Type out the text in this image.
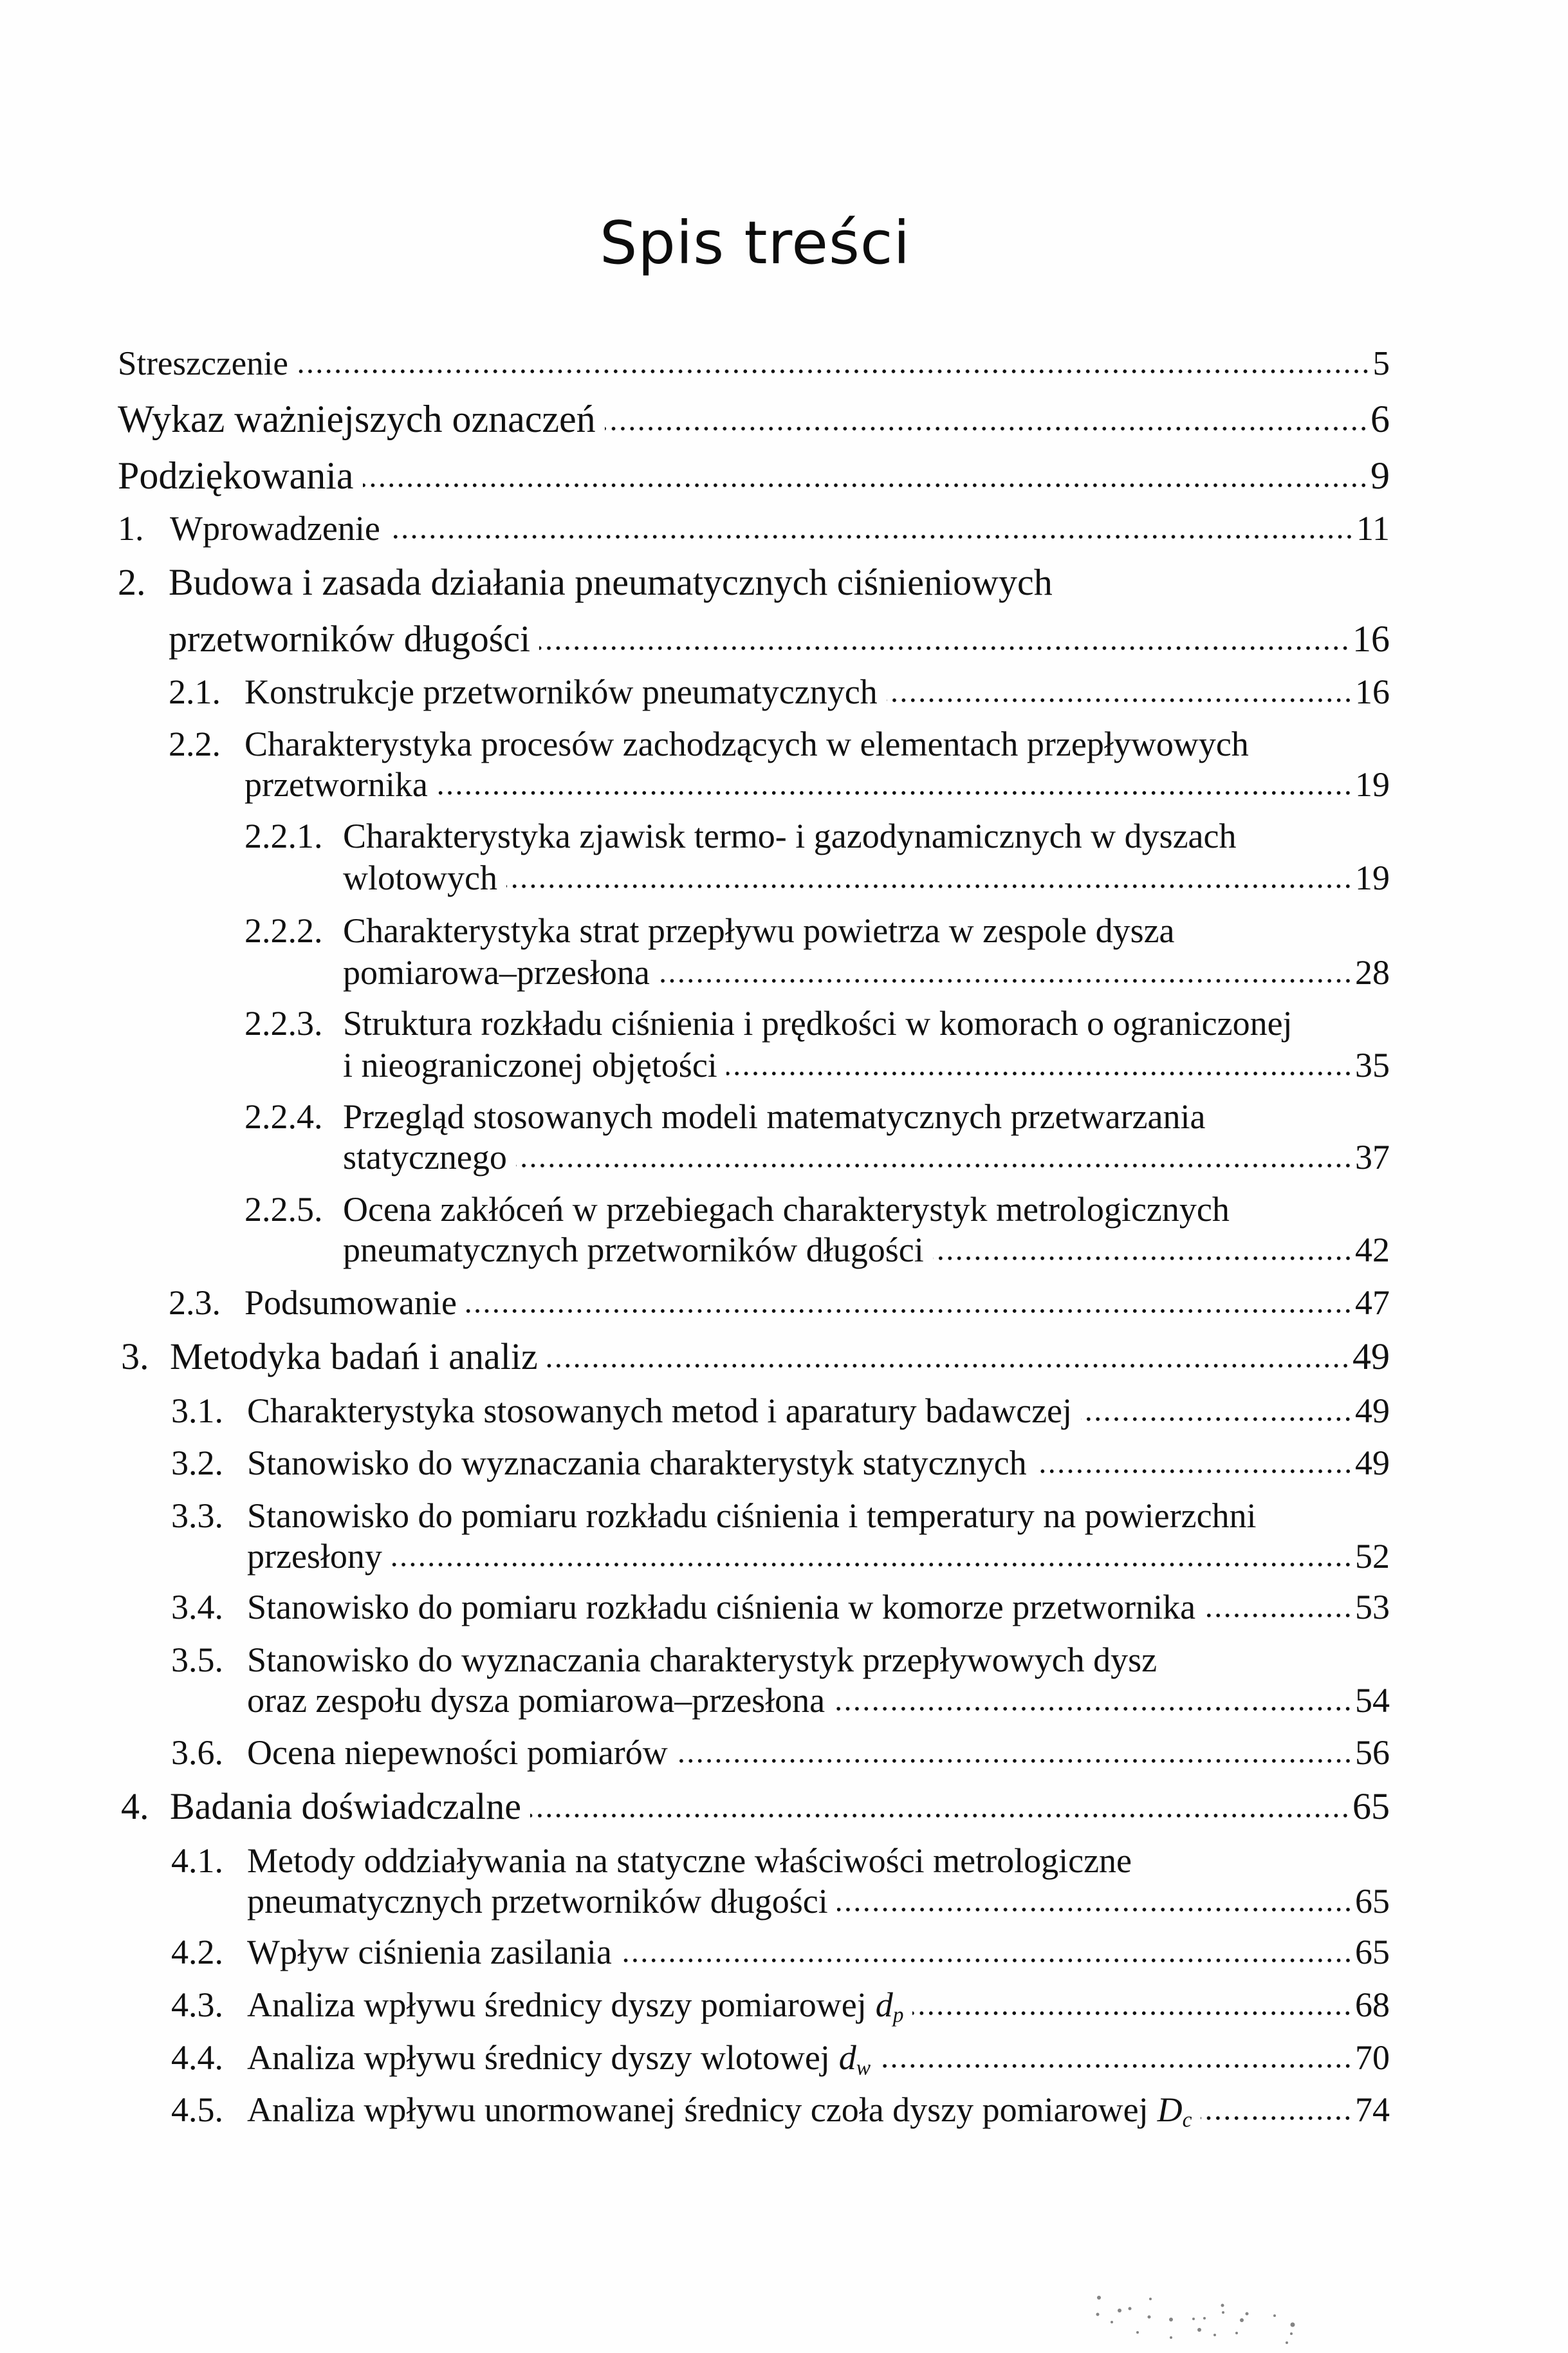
Spis treści
Streszczenie	5
Wykaz ważniejszych oznaczeń	6
Podziękowania	9
1. Wprowadzenie	11
2. Budowa i zasada działania pneumatycznych ciśnieniowych
przetworników długości	16
2.1. Konstrukcje przetworników pneumatycznych	16
2.2. Charakterystyka procesów zachodzących w elementach przepływowych
przetwornika	19
2.2.1. Charakterystyka zjawisk termo- i gazodynamicznych w dyszach
wlotowych	19
2.2.2. Charakterystyka strat przepływu powietrza w zespole dysza
pomiarowa–przesłona	28
2.2.3. Struktura rozkładu ciśnienia i prędkości w komorach o ograniczonej
i nieograniczonej objętości	35
2.2.4. Przegląd stosowanych modeli matematycznych przetwarzania
statycznego	37
2.2.5. Ocena zakłóceń w przebiegach charakterystyk metrologicznych
pneumatycznych przetworników długości	42
2.3. Podsumowanie	47
3. Metodyka badań i analiz	49
3.1. Charakterystyka stosowanych metod i aparatury badawczej	49
3.2. Stanowisko do wyznaczania charakterystyk statycznych	49
3.3. Stanowisko do pomiaru rozkładu ciśnienia i temperatury na powierzchni
przesłony	52
3.4. Stanowisko do pomiaru rozkładu ciśnienia w komorze przetwornika	53
3.5. Stanowisko do wyznaczania charakterystyk przepływowych dysz
oraz zespołu dysza pomiarowa–przesłona	54
3.6. Ocena niepewności pomiarów	56
4. Badania doświadczalne	65
4.1. Metody oddziaływania na statyczne właściwości metrologiczne
pneumatycznych przetworników długości	65
4.2. Wpływ ciśnienia zasilania	65
4.3. Analiza wpływu średnicy dyszy pomiarowej $d_p$	68
4.4. Analiza wpływu średnicy dyszy wlotowej $d_w$	70
4.5. Analiza wpływu unormowanej średnicy czoła dyszy pomiarowej $D_c$	74
